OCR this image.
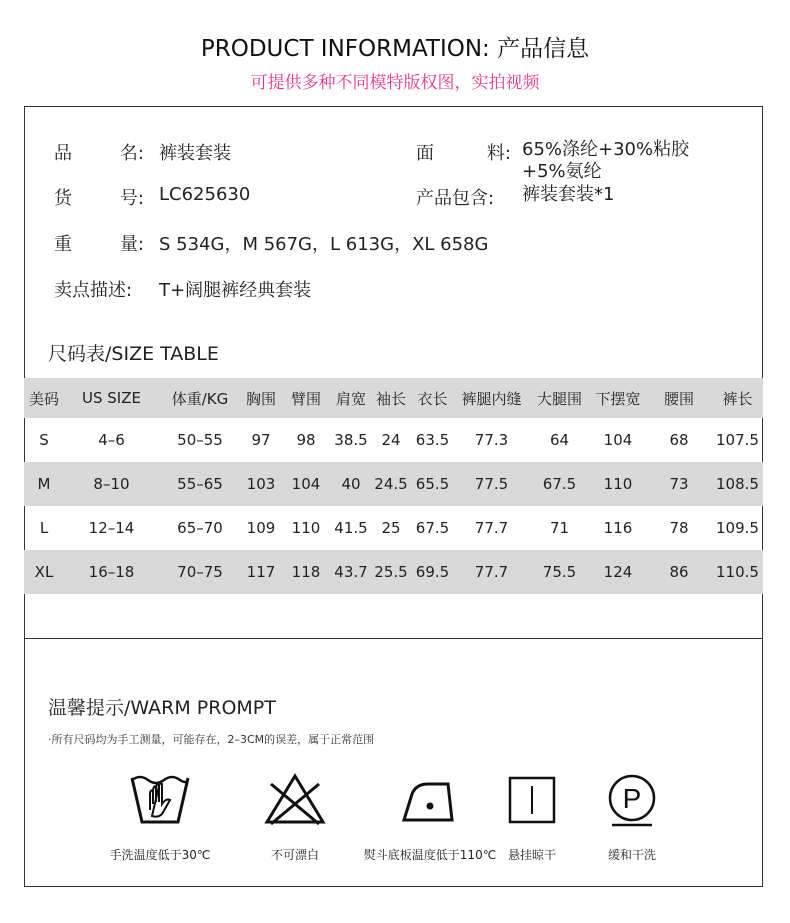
PRODUCT INFORMATION: 产品信息
可提供多种不同模特版权图，实拍视频
品	名: 裤装套装	面	料: 65%涤纶+30%粘胶+5%氨纶
货	号: LC625630	产品包含:	裤装套装*1
重	量: S 534G，M 567G，L 613G，XL 658G
卖点描述:	T+阔腿裤经典套装
尺码表/SIZE TABLE
美码	US SIZE	体重/KG	胸围	臂围	肩宽	袖长	衣长	裤腿内缝	大腿围	下摆宽	腰围	裤长
S	4–6	50–55	97	98	38.5	24	63.5	77.3	64	104	68	107.5
M	8–10	55–65	103	104	40	24.5	65.5	77.5	67.5	110	73	108.5
L	12–14	65–70	109	110	41.5	25	67.5	77.7	71	116	78	109.5
XL	16–18	70–75	117	118	43.7	25.5	69.5	77.7	75.5	124	86	110.5
温馨提示/WARM PROMPT
·所有尺码均为手工测量，可能存在，2–3CM的误差，属于正常范围
手洗温度低于30℃	不可漂白	熨斗底板温度低于110℃ 悬挂晾干
P
缓和干洗
